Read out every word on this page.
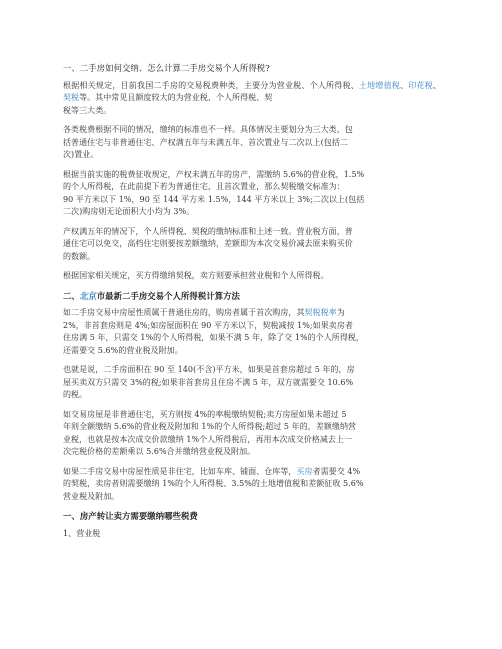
一、二手房如何交纳、怎么计算二手房交易个人所得税?

根据相关规定，目前我国二手房的交易税费种类，主要分为营业税、个人所得税、土地增值税、印花税、契税等。其中常见且额度较大的为营业税、个人所得税、契
税等三大类。

各类税费根据不同的情况，缴纳的标准也不一样。具体情况主要划分为三大类，包
括普通住宅与非普通住宅、产权满五年与未满五年、首次置业与二次以上(包括二
次)置业。

根据当前实施的税费征收规定，产权未满五年的房产，需缴纳 5.6%的营业税，1.5%
的个人所得税，在此前提下若为普通住宅，且首次置业，那么契税缴交标准为：
90 平方米以下 1%，90 至 144 平方米 1.5%，144 平方米以上 3%;二次以上(包括
二次)购房则无论面积大小均为 3%。

产权满五年的情况下，个人所得税、契税的缴纳标准和上述一致。营业税方面，普
通住宅可以免交，高档住宅则要按差额缴纳，差额即为本次交易价减去原来购买价
的数额。

根据国家相关规定，买方得缴纳契税，卖方则要承担营业税和个人所得税。

二、北京市最新二手房交易个人所得税计算方法

如二手房交易中房屋性质属于普通住房的，购房者属于首次购房，其契税税率为
2%，非首套房则是 4%;如房屋面积在 90 平方米以下，契税减按 1%;如果卖房者
住房满 5 年，只需交 1%的个人所得税，如果不满 5 年，除了交 1%的个人所得税，
还需要交 5.6%的营业税及附加。

也就是说，二手房面积在 90 至 140(不含)平方米，如果是首套房超过 5 年的，房
屋买卖双方只需交 3%的税;如果非首套房且住房不满 5 年，双方就需要交 10.6%
的税。

如交易房屋是非普通住宅，买方则按 4%的率税缴纳契税;卖方房屋如果未超过 5
年则全额缴纳 5.6%的营业税及附加和 1%的个人所得税;超过 5 年的，差额缴纳营
业税，也就是按本次成交价款缴纳 1%个人所得税后，再用本次成交价格减去上一
次完税价格的差额乘以 5.6%合并缴纳营业税及附加。

如果二手房交易中房屋性质是非住宅，比如车库、铺面、仓库等，买房者需要交 4%
的契税，卖房者则需要缴纳 1%的个人所得税、3.5%的土地增值税和差额征收 5.6%
营业税及附加。

一、房产转让卖方需要缴纳哪些税费

1、营业税
